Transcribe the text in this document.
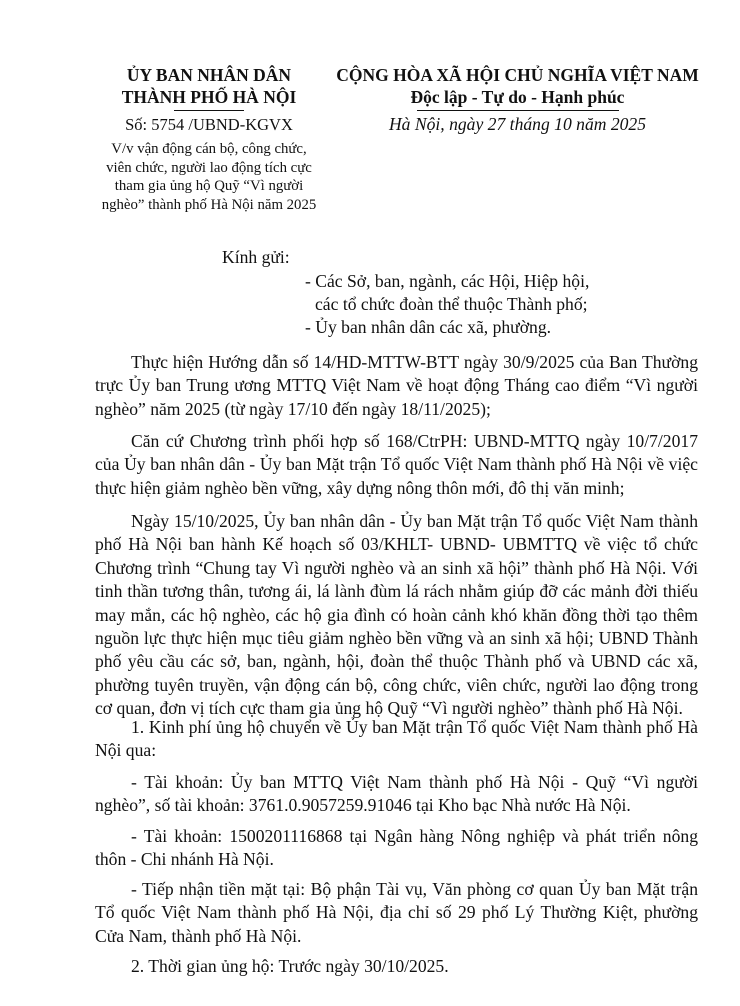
ỦY BAN NHÂN DÂN
THÀNH PHỐ HÀ NỘI
Số: 5754 /UBND-KGVX
V/v vận động cán bộ, công chức,
viên chức, người lao động tích cực
tham gia ủng hộ Quỹ “Vì người
nghèo” thành phố Hà Nội năm 2025
CỘNG HÒA XÃ HỘI CHỦ NGHĨA VIỆT NAM
Độc lập - Tự do - Hạnh phúc
Hà Nội, ngày 27 tháng 10 năm 2025
Kính gửi:
- Các Sở, ban, ngành, các Hội, Hiệp hội,
các tổ chức đoàn thể thuộc Thành phố;
- Ủy ban nhân dân các xã, phường.
Thực hiện Hướng dẫn số 14/HD-MTTW-BTT ngày 30/9/2025 của Ban Thường trực Ủy ban Trung ương MTTQ Việt Nam về hoạt động Tháng cao điểm “Vì người nghèo” năm 2025 (từ ngày 17/10 đến ngày 18/11/2025);
Căn cứ Chương trình phối hợp số 168/CtrPH: UBND-MTTQ ngày 10/7/2017 của Ủy ban nhân dân - Ủy ban Mặt trận Tổ quốc Việt Nam thành phố Hà Nội về việc thực hiện giảm nghèo bền vững, xây dựng nông thôn mới, đô thị văn minh;
Ngày 15/10/2025, Ủy ban nhân dân - Ủy ban Mặt trận Tổ quốc Việt Nam thành phố Hà Nội ban hành Kế hoạch số 03/KHLT- UBND- UBMTTQ về việc tổ chức Chương trình “Chung tay Vì người nghèo và an sinh xã hội” thành phố Hà Nội. Với tinh thần tương thân, tương ái, lá lành đùm lá rách nhằm giúp đỡ các mảnh đời thiếu may mắn, các hộ nghèo, các hộ gia đình có hoàn cảnh khó khăn đồng thời tạo thêm nguồn lực thực hiện mục tiêu giảm nghèo bền vững và an sinh xã hội; UBND Thành phố yêu cầu các sở, ban, ngành, hội, đoàn thể thuộc Thành phố và UBND các xã, phường tuyên truyền, vận động cán bộ, công chức, viên chức, người lao động trong cơ quan, đơn vị tích cực tham gia ủng hộ Quỹ “Vì người nghèo” thành phố Hà Nội.
1. Kinh phí ủng hộ chuyển về Ủy ban Mặt trận Tổ quốc Việt Nam thành phố Hà Nội qua:
- Tài khoản: Ủy ban MTTQ Việt Nam thành phố Hà Nội - Quỹ “Vì người nghèo”, số tài khoản: 3761.0.9057259.91046 tại Kho bạc Nhà nước Hà Nội.
- Tài khoản: 1500201116868 tại Ngân hàng Nông nghiệp và phát triển nông thôn - Chi nhánh Hà Nội.
- Tiếp nhận tiền mặt tại: Bộ phận Tài vụ, Văn phòng cơ quan Ủy ban Mặt trận Tổ quốc Việt Nam thành phố Hà Nội, địa chỉ số 29 phố Lý Thường Kiệt, phường Cửa Nam, thành phố Hà Nội.
2. Thời gian ủng hộ: Trước ngày 30/10/2025.
